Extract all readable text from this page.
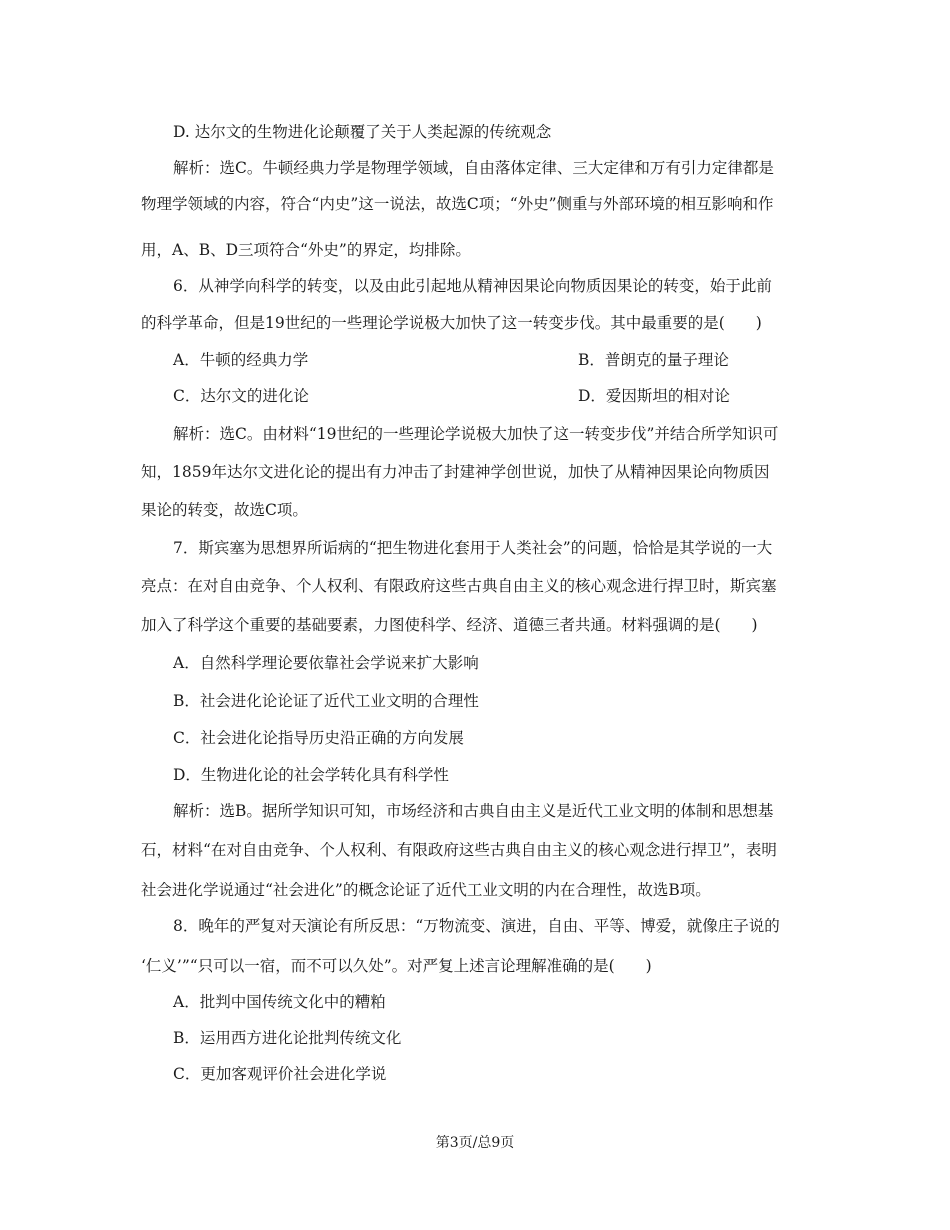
D. 达尔文的生物进化论颠覆了关于人类起源的传统观念
解析：选C。牛顿经典力学是物理学领域，自由落体定律、三大定律和万有引力定律都是
物理学领域的内容，符合“内史”这一说法，故选C项；“外史”侧重与外部环境的相互影响和作
用，A、B、D三项符合“外史”的界定，均排除。
6．从神学向科学的转变，以及由此引起地从精神因果论向物质因果论的转变，始于此前
的科学革命，但是19世纪的一些理论学说极大加快了这一转变步伐。其中最重要的是(　　)
A．牛顿的经典力学	B．普朗克的量子理论
C．达尔文的进化论	D．爱因斯坦的相对论
解析：选C。由材料“19世纪的一些理论学说极大加快了这一转变步伐”并结合所学知识可
知，1859年达尔文进化论的提出有力冲击了封建神学创世说，加快了从精神因果论向物质因
果论的转变，故选C项。
7．斯宾塞为思想界所诟病的“把生物进化套用于人类社会”的问题，恰恰是其学说的一大
亮点：在对自由竞争、个人权利、有限政府这些古典自由主义的核心观念进行捍卫时，斯宾塞
加入了科学这个重要的基础要素，力图使科学、经济、道德三者共通。材料强调的是(　　)
A．自然科学理论要依靠社会学说来扩大影响
B．社会进化论论证了近代工业文明的合理性
C．社会进化论指导历史沿正确的方向发展
D．生物进化论的社会学转化具有科学性
解析：选B。据所学知识可知，市场经济和古典自由主义是近代工业文明的体制和思想基
石，材料“在对自由竞争、个人权利、有限政府这些古典自由主义的核心观念进行捍卫”，表明
社会进化学说通过“社会进化”的概念论证了近代工业文明的内在合理性，故选B项。
8．晚年的严复对天演论有所反思：“万物流变、演进，自由、平等、博爱，就像庄子说的
‘仁义’”“只可以一宿，而不可以久处”。对严复上述言论理解准确的是(　　)
A．批判中国传统文化中的糟粕
B．运用西方进化论批判传统文化
C．更加客观评价社会进化学说
第3页/总9页
